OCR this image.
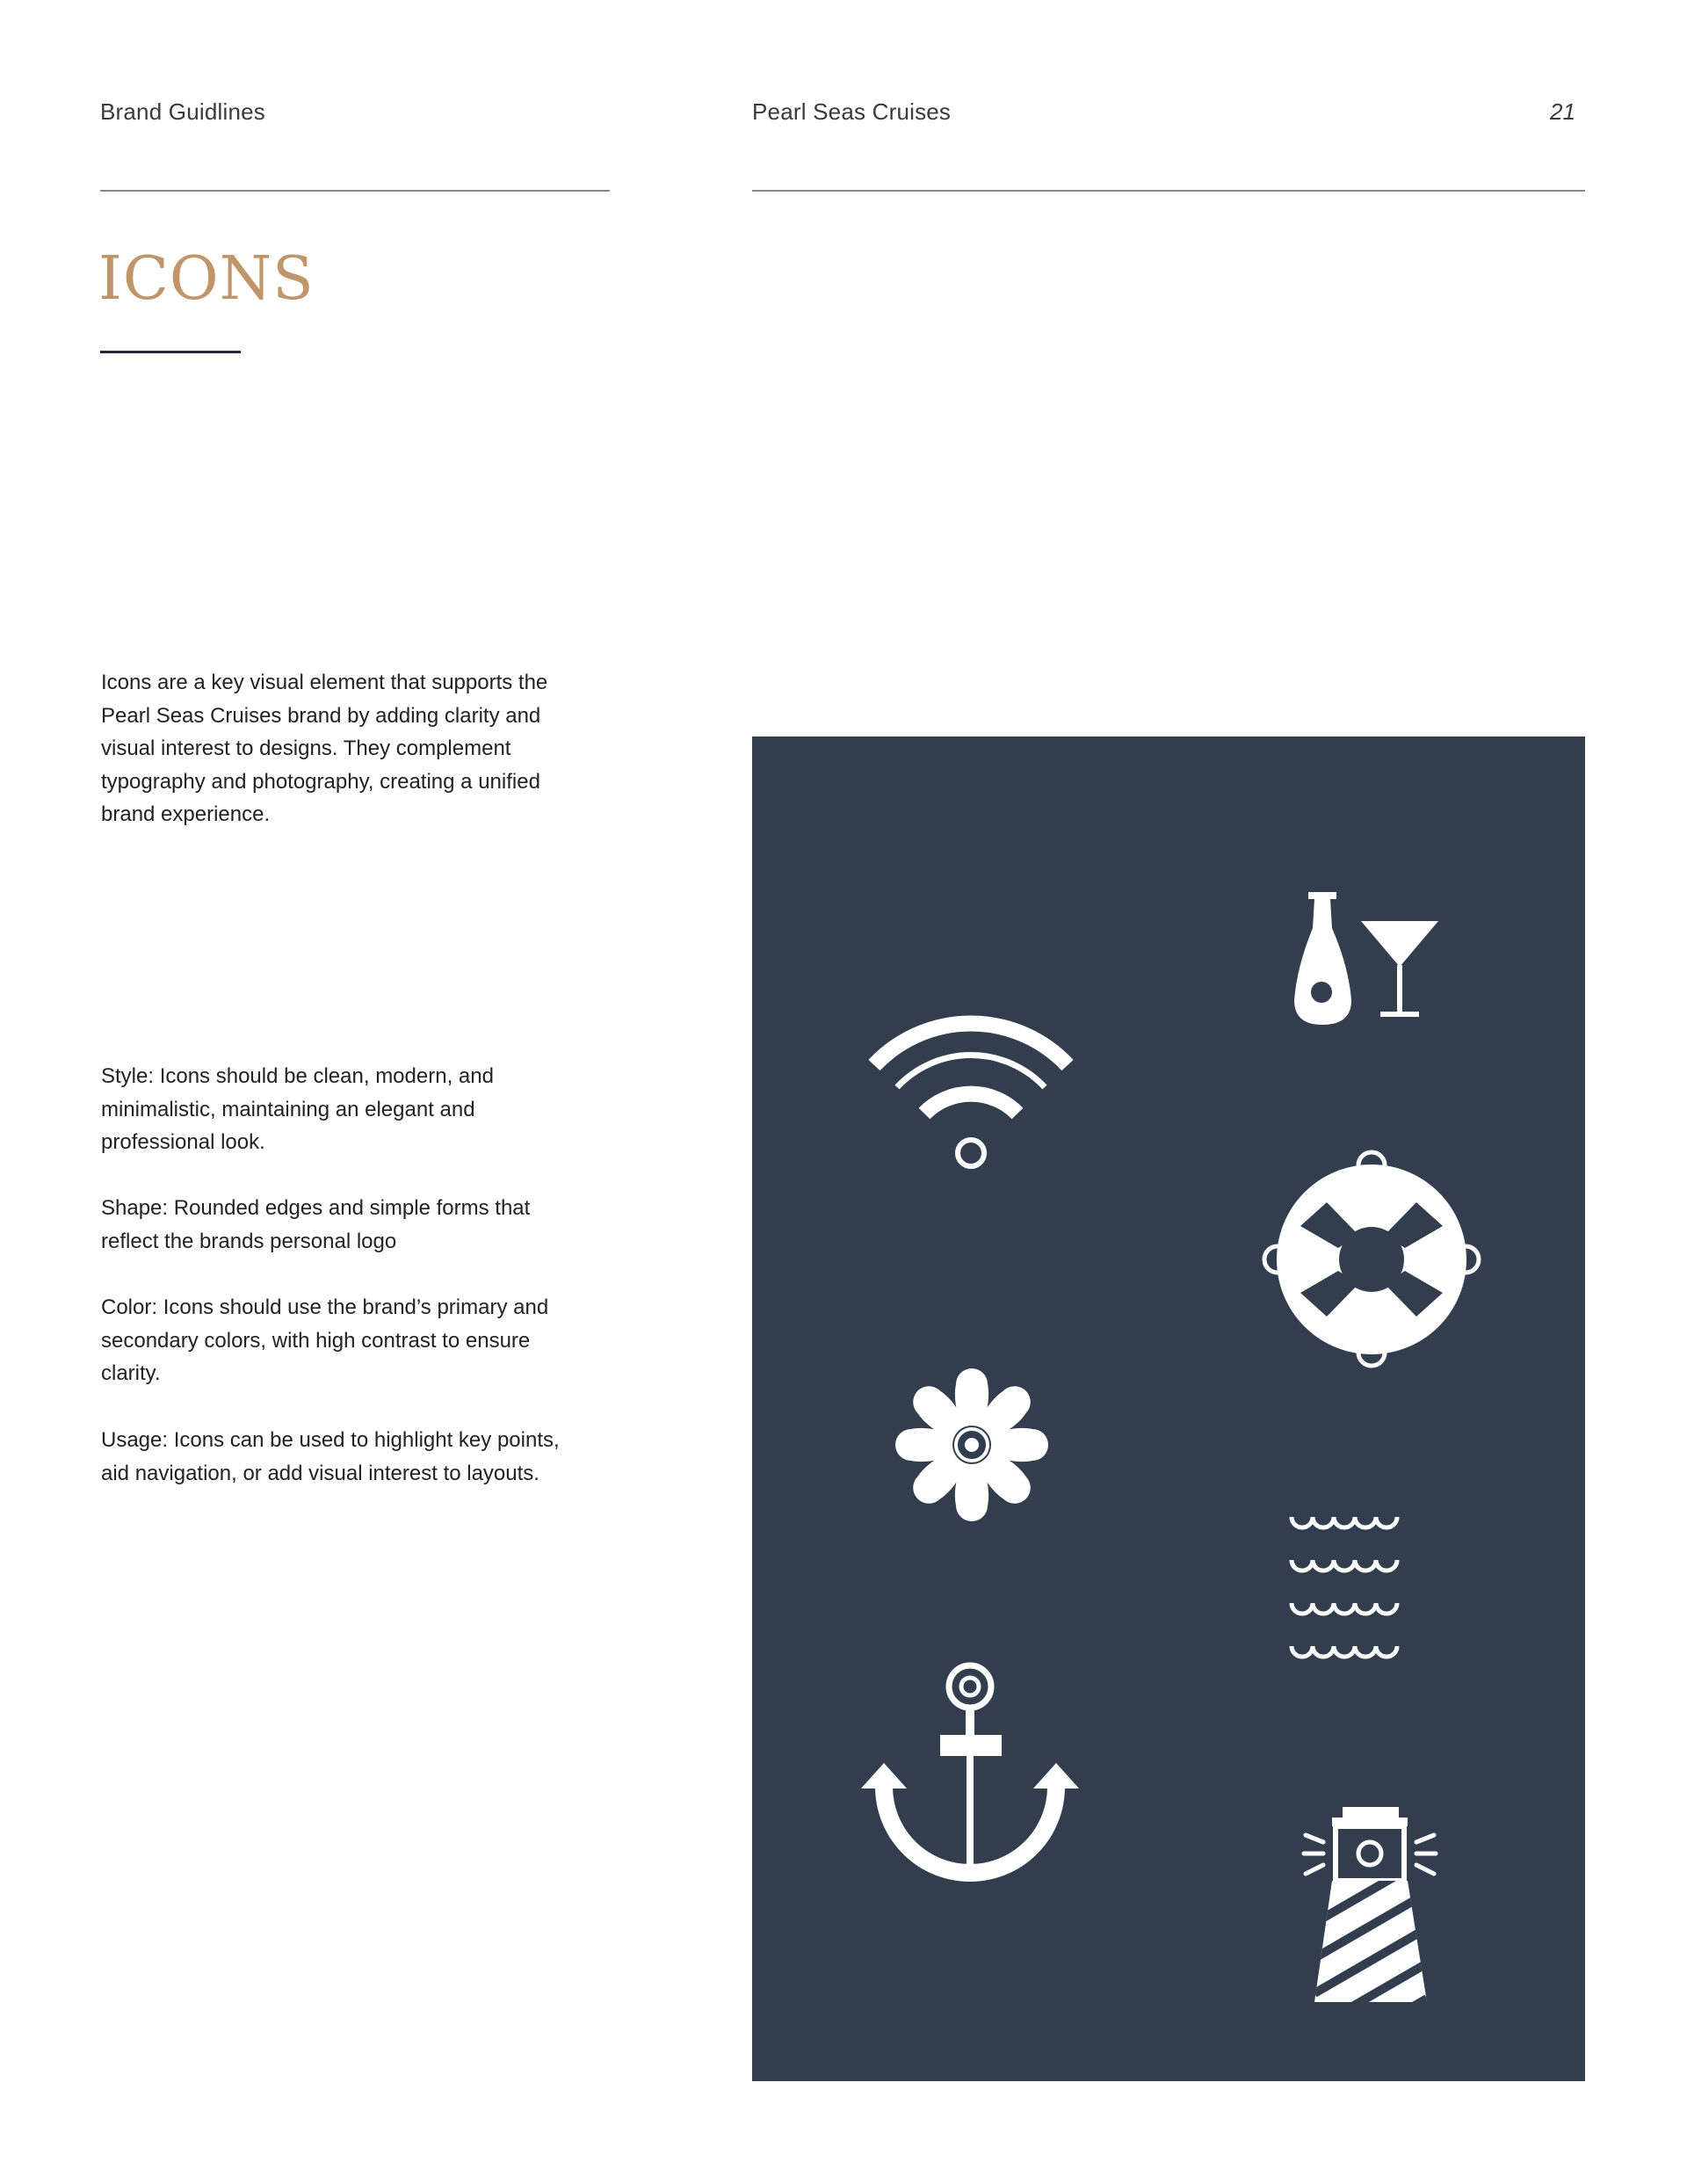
Brand Guidlines	Pearl Seas Cruises	21
ICONS

Icons are a key visual element that supports the Pearl Seas Cruises brand by adding clarity and visual interest to designs. They complement typography and photography, creating a unified brand experience.

Style: Icons should be clean, modern, and minimalistic, maintaining an elegant and professional look.

Shape: Rounded edges and simple forms that reflect the brands personal logo

Color: Icons should use the brand’s primary and secondary colors, with high contrast to ensure clarity.

Usage: Icons can be used to highlight key points, aid navigation, or add visual interest to layouts.
